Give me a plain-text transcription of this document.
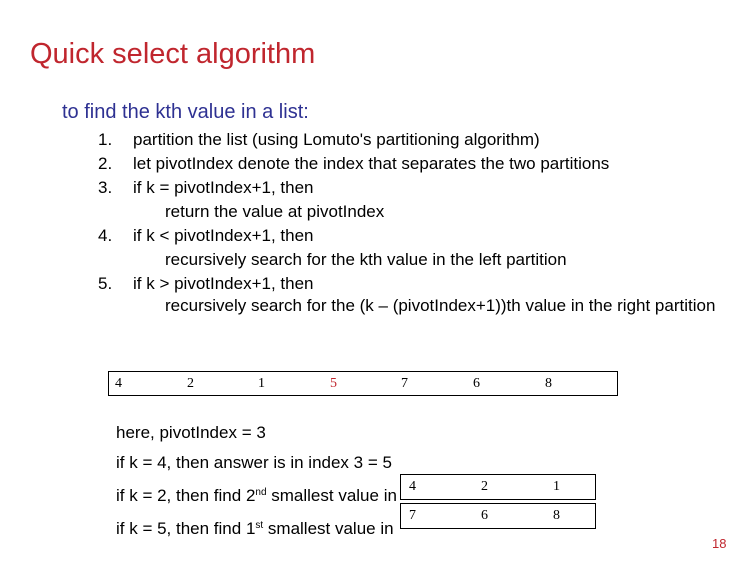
Quick select algorithm
to find the kth value in a list:
1.	partition the list (using Lomuto's partitioning algorithm)
2.	let pivotIndex denote the index that separates the two partitions
3.	if k = pivotIndex+1, then
return the value at pivotIndex
4.	if k < pivotIndex+1, then
recursively search for the kth value in the left partition
5.	if k > pivotIndex+1, then
recursively search for the (k – (pivotIndex+1))th value in the right partition
4	2	1	5	7	6	8
here, pivotIndex = 3
if k = 4, then answer is in index 3 = 5
if k = 2, then find 2nd smallest value in
if k = 5, then find 1st smallest value in
4	2	1
7	6	8
18
